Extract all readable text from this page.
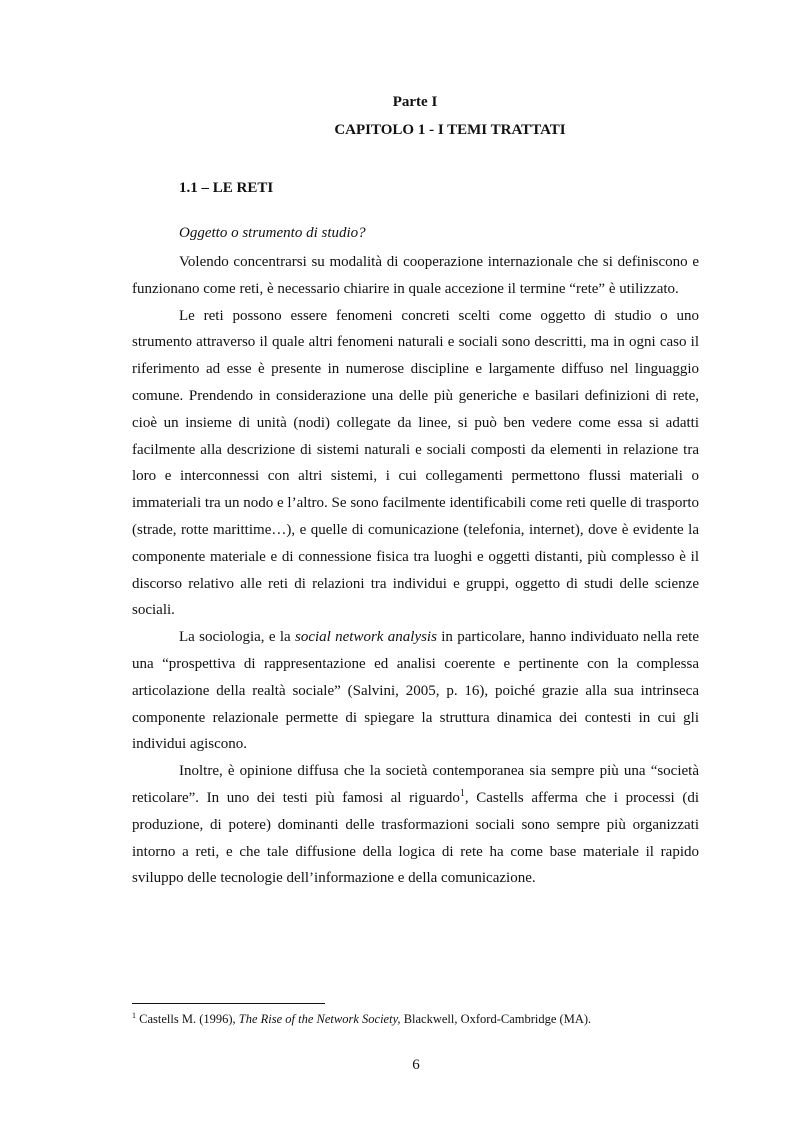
Parte I
CAPITOLO 1 - I TEMI TRATTATI
1.1 – LE RETI

Oggetto o strumento di studio?

Volendo concentrarsi su modalità di cooperazione internazionale che si definiscono e funzionano come reti, è necessario chiarire in quale accezione il termine “rete” è utilizzato.

Le reti possono essere fenomeni concreti scelti come oggetto di studio o uno strumento attraverso il quale altri fenomeni naturali e sociali sono descritti, ma in ogni caso il riferimento ad esse è presente in numerose discipline e largamente diffuso nel linguaggio comune. Prendendo in considerazione una delle più generiche e basilari definizioni di rete, cioè un insieme di unità (nodi) collegate da linee, si può ben vedere come essa si adatti facilmente alla descrizione di sistemi naturali e sociali composti da elementi in relazione tra loro e interconnessi con altri sistemi, i cui collegamenti permettono flussi materiali o immateriali tra un nodo e l’altro. Se sono facilmente identificabili come reti quelle di trasporto (strade, rotte marittime…), e quelle di comunicazione (telefonia, internet), dove è evidente la componente materiale e di connessione fisica tra luoghi e oggetti distanti, più complesso è il discorso relativo alle reti di relazioni tra individui e gruppi, oggetto di studi delle scienze sociali.

La sociologia, e la social network analysis in particolare, hanno individuato nella rete una “prospettiva di rappresentazione ed analisi coerente e pertinente con la complessa articolazione della realtà sociale” (Salvini, 2005, p. 16), poiché grazie alla sua intrinseca componente relazionale permette di spiegare la struttura dinamica dei contesti in cui gli individui agiscono.

Inoltre, è opinione diffusa che la società contemporanea sia sempre più una “società reticolare”. In uno dei testi più famosi al riguardo$^1$, Castells afferma che i processi (di produzione, di potere) dominanti delle trasformazioni sociali sono sempre più organizzati intorno a reti, e che tale diffusione della logica di rete ha come base materiale il rapido sviluppo delle tecnologie dell’informazione e della comunicazione.

$^1$ Castells M. (1996), The Rise of the Network Society, Blackwell, Oxford-Cambridge (MA).

6
